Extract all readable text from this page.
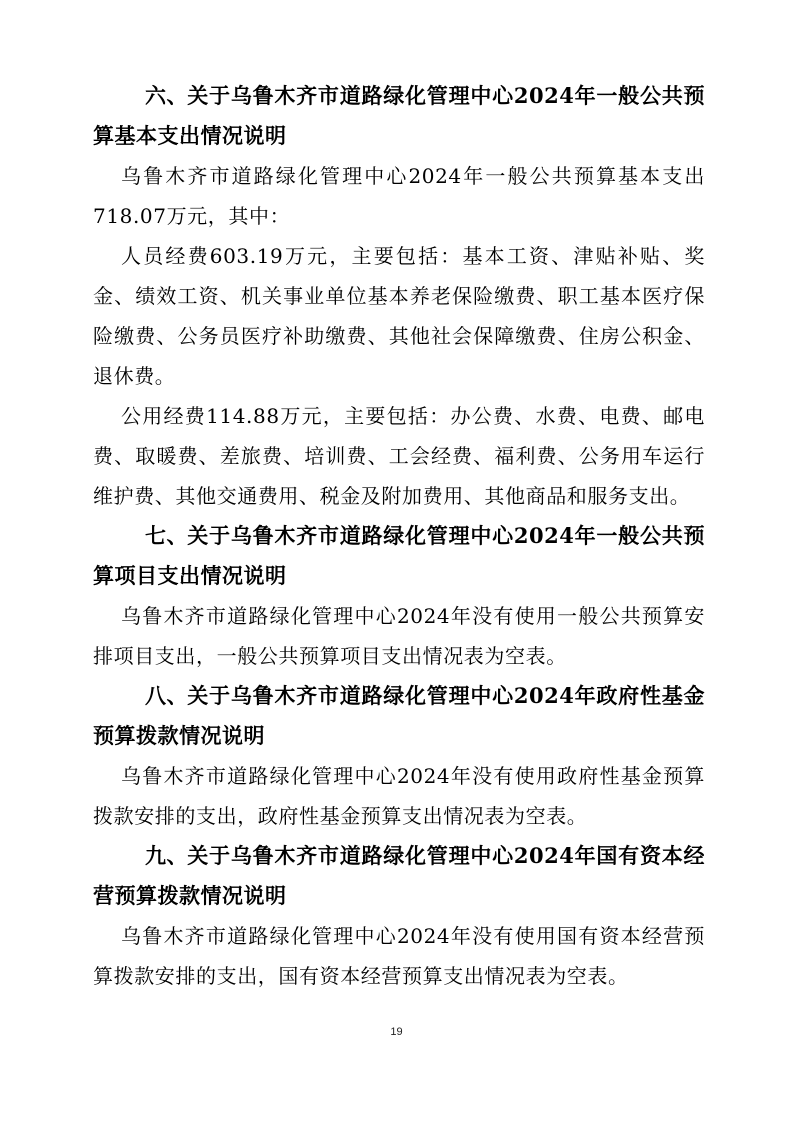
六、关于乌鲁木齐市道路绿化管理中心2024年一般公共预算基本支出情况说明

乌鲁木齐市道路绿化管理中心2024年一般公共预算基本支出718.07万元，其中：

人员经费603.19万元，主要包括：基本工资、津贴补贴、奖金、绩效工资、机关事业单位基本养老保险缴费、职工基本医疗保险缴费、公务员医疗补助缴费、其他社会保障缴费、住房公积金、退休费。

公用经费114.88万元，主要包括：办公费、水费、电费、邮电费、取暖费、差旅费、培训费、工会经费、福利费、公务用车运行维护费、其他交通费用、税金及附加费用、其他商品和服务支出。

七、关于乌鲁木齐市道路绿化管理中心2024年一般公共预算项目支出情况说明

乌鲁木齐市道路绿化管理中心2024年没有使用一般公共预算安排项目支出，一般公共预算项目支出情况表为空表。

八、关于乌鲁木齐市道路绿化管理中心2024年政府性基金预算拨款情况说明

乌鲁木齐市道路绿化管理中心2024年没有使用政府性基金预算拨款安排的支出，政府性基金预算支出情况表为空表。

九、关于乌鲁木齐市道路绿化管理中心2024年国有资本经营预算拨款情况说明

乌鲁木齐市道路绿化管理中心2024年没有使用国有资本经营预算拨款安排的支出，国有资本经营预算支出情况表为空表。

19
